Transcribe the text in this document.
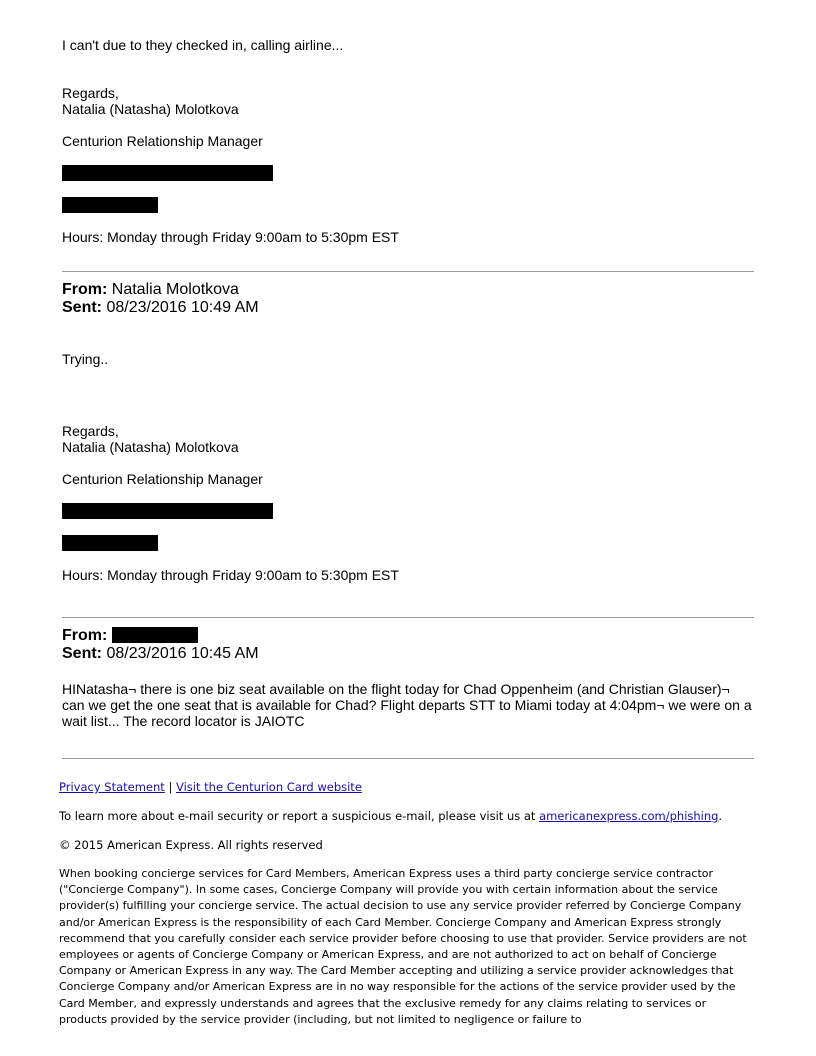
I can't due to they checked in, calling airline...
Regards,
Natalia (Natasha) Molotkova
Centurion Relationship Manager
Hours: Monday through Friday 9:00am to 5:30pm EST
From: Natalia Molotkova
Sent: 08/23/2016 10:49 AM
Trying..
Regards,
Natalia (Natasha) Molotkova
Centurion Relationship Manager
Hours: Monday through Friday 9:00am to 5:30pm EST
From:
Sent: 08/23/2016 10:45 AM
HINatasha¬ there is one biz seat available on the flight today for Chad Oppenheim (and Christian Glauser)¬ can we get the one seat that is available for Chad? Flight departs STT to Miami today at 4:04pm¬ we were on a wait list... The record locator is JAIOTC
Privacy Statement | Visit the Centurion Card website
To learn more about e-mail security or report a suspicious e-mail, please visit us at americanexpress.com/phishing.
© 2015 American Express. All rights reserved
When booking concierge services for Card Members, American Express uses a third party concierge service contractor ("Concierge Company"). In some cases, Concierge Company will provide you with certain information about the service provider(s) fulfilling your concierge service. The actual decision to use any service provider referred by Concierge Company and/or American Express is the responsibility of each Card Member. Concierge Company and American Express strongly recommend that you carefully consider each service provider before choosing to use that provider. Service providers are not employees or agents of Concierge Company or American Express, and are not authorized to act on behalf of Concierge Company or American Express in any way. The Card Member accepting and utilizing a service provider acknowledges that Concierge Company and/or American Express are in no way responsible for the actions of the service provider used by the Card Member, and expressly understands and agrees that the exclusive remedy for any claims relating to services or products provided by the service provider (including, but not limited to negligence or failure to
